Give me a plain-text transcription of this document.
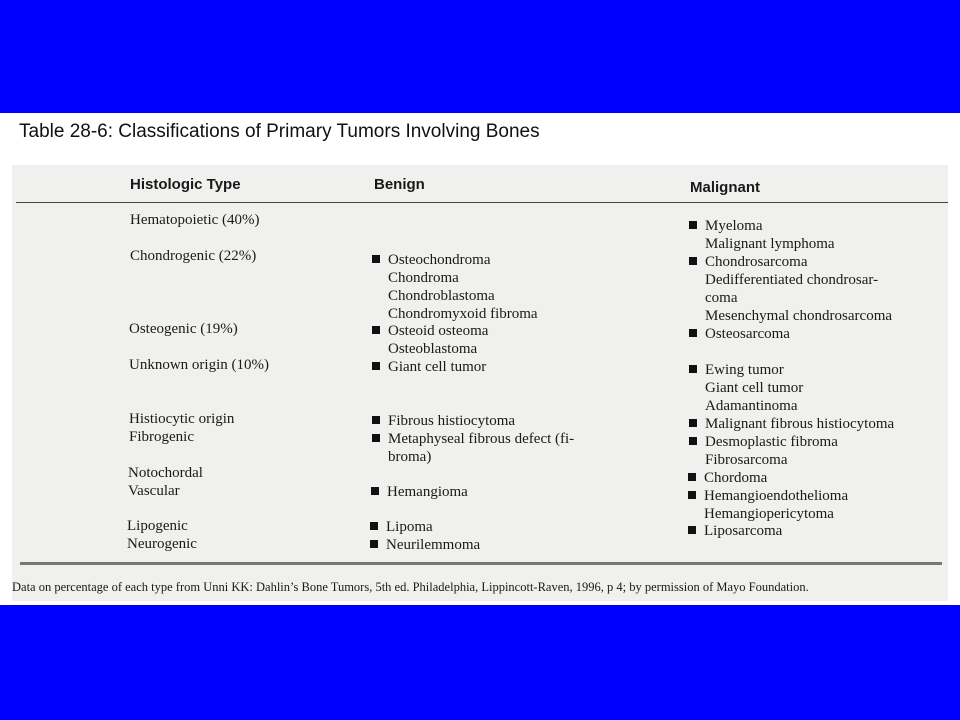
Table 28-6: Classifications of Primary Tumors Involving Bones
Histologic Type	Benign	Malignant
Hematopoietic (40%)
Chondrogenic (22%)
Osteogenic (19%)
Unknown origin (10%)
Histiocytic origin
Fibrogenic
Notochordal
Vascular
Lipogenic
Neurogenic
Osteochondroma
Chondroma
Chondroblastoma
Chondromyxoid fibroma
Osteoid osteoma
Osteoblastoma
Giant cell tumor
Fibrous histiocytoma
Metaphyseal fibrous defect (fi-
broma)
Hemangioma
Lipoma
Neurilemmoma
Myeloma
Malignant lymphoma
Chondrosarcoma
Dedifferentiated chondrosar-
coma
Mesenchymal chondrosarcoma
Osteosarcoma
Ewing tumor
Giant cell tumor
Adamantinoma
Malignant fibrous histiocytoma
Desmoplastic fibroma
Fibrosarcoma
Chordoma
Hemangioendothelioma
Hemangiopericytoma
Liposarcoma
Data on percentage of each type from Unni KK: Dahlin’s Bone Tumors, 5th ed. Philadelphia, Lippincott-Raven, 1996, p 4; by permission of Mayo Foundation.
